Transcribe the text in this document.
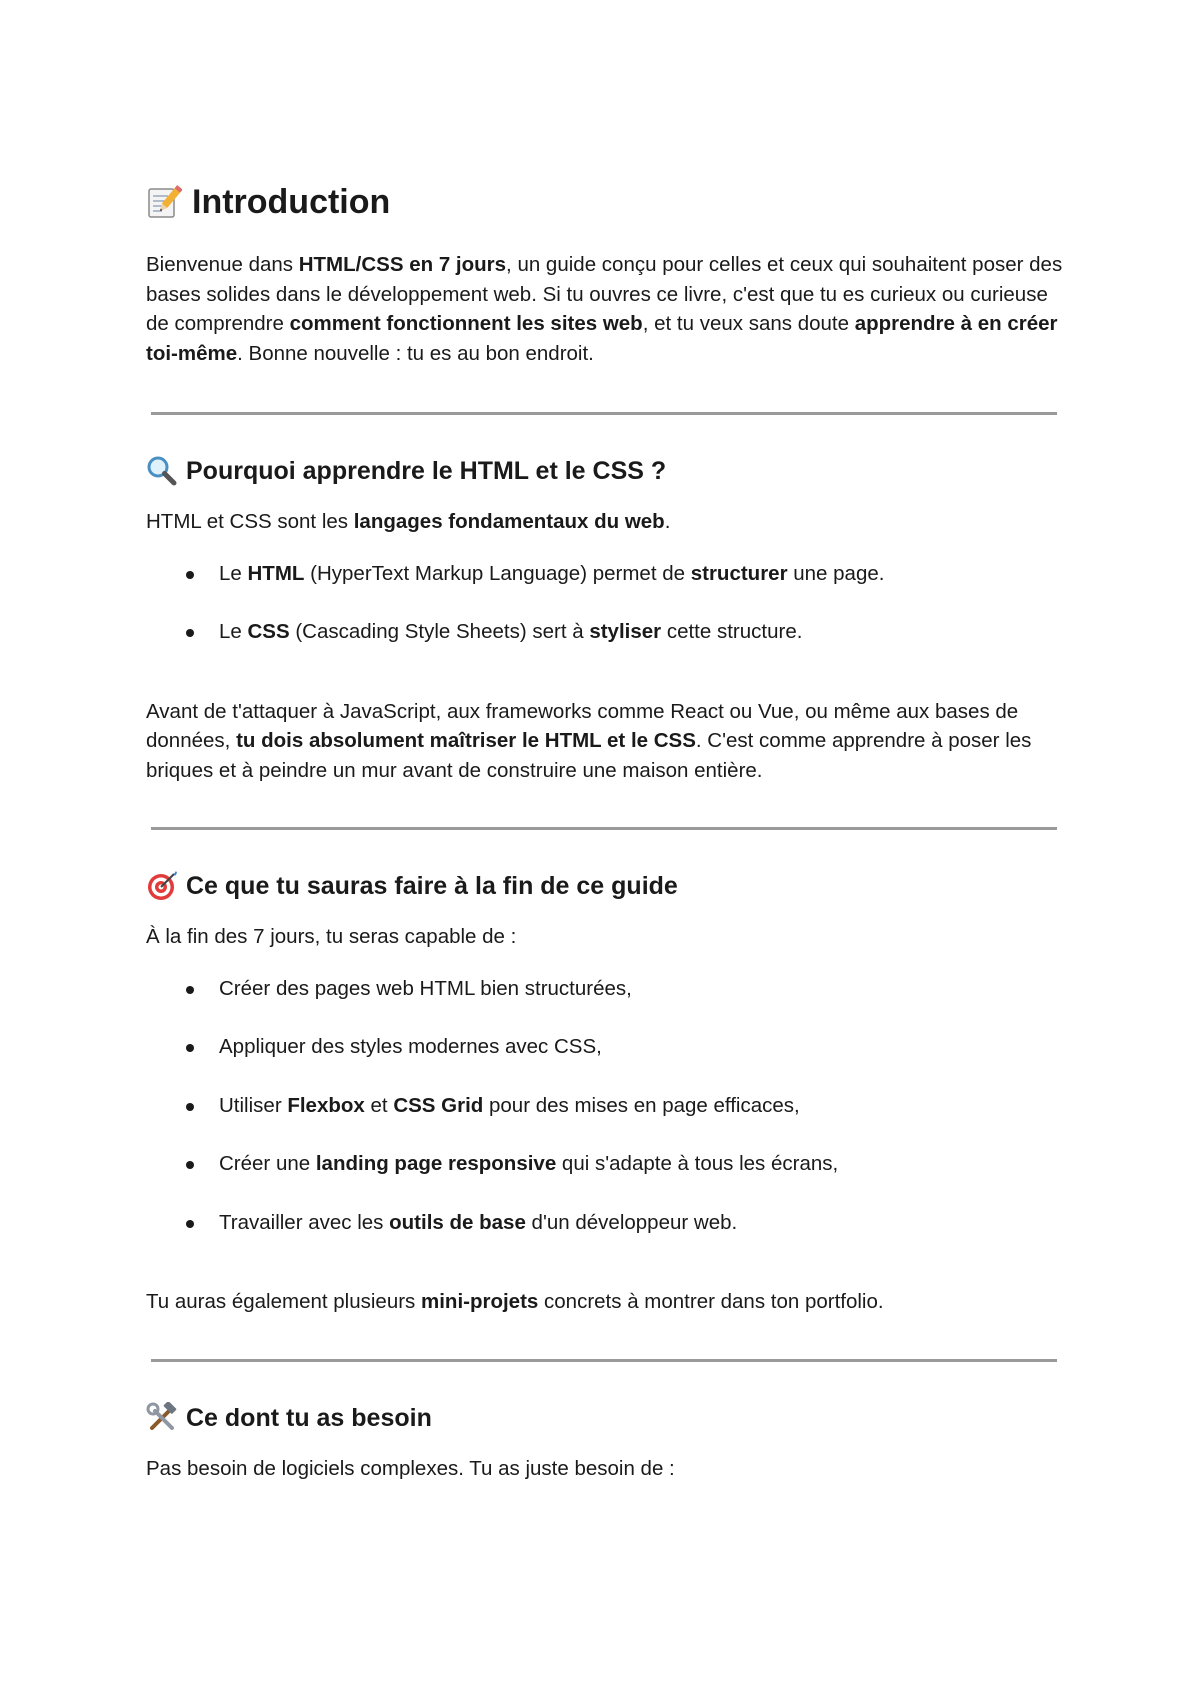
Introduction

Bienvenue dans HTML/CSS en 7 jours, un guide conçu pour celles et ceux qui souhaitent poser des bases solides dans le développement web. Si tu ouvres ce livre, c'est que tu es curieux ou curieuse de comprendre comment fonctionnent les sites web, et tu veux sans doute apprendre à en créer toi-même. Bonne nouvelle : tu es au bon endroit.

Pourquoi apprendre le HTML et le CSS ?

HTML et CSS sont les langages fondamentaux du web.

Le HTML (HyperText Markup Language) permet de structurer une page.
Le CSS (Cascading Style Sheets) sert à styliser cette structure.

Avant de t'attaquer à JavaScript, aux frameworks comme React ou Vue, ou même aux bases de données, tu dois absolument maîtriser le HTML et le CSS. C'est comme apprendre à poser les briques et à peindre un mur avant de construire une maison entière.

Ce que tu sauras faire à la fin de ce guide

À la fin des 7 jours, tu seras capable de :

Créer des pages web HTML bien structurées,
Appliquer des styles modernes avec CSS,
Utiliser Flexbox et CSS Grid pour des mises en page efficaces,
Créer une landing page responsive qui s'adapte à tous les écrans,
Travailler avec les outils de base d'un développeur web.

Tu auras également plusieurs mini-projets concrets à montrer dans ton portfolio.

Ce dont tu as besoin

Pas besoin de logiciels complexes. Tu as juste besoin de :
